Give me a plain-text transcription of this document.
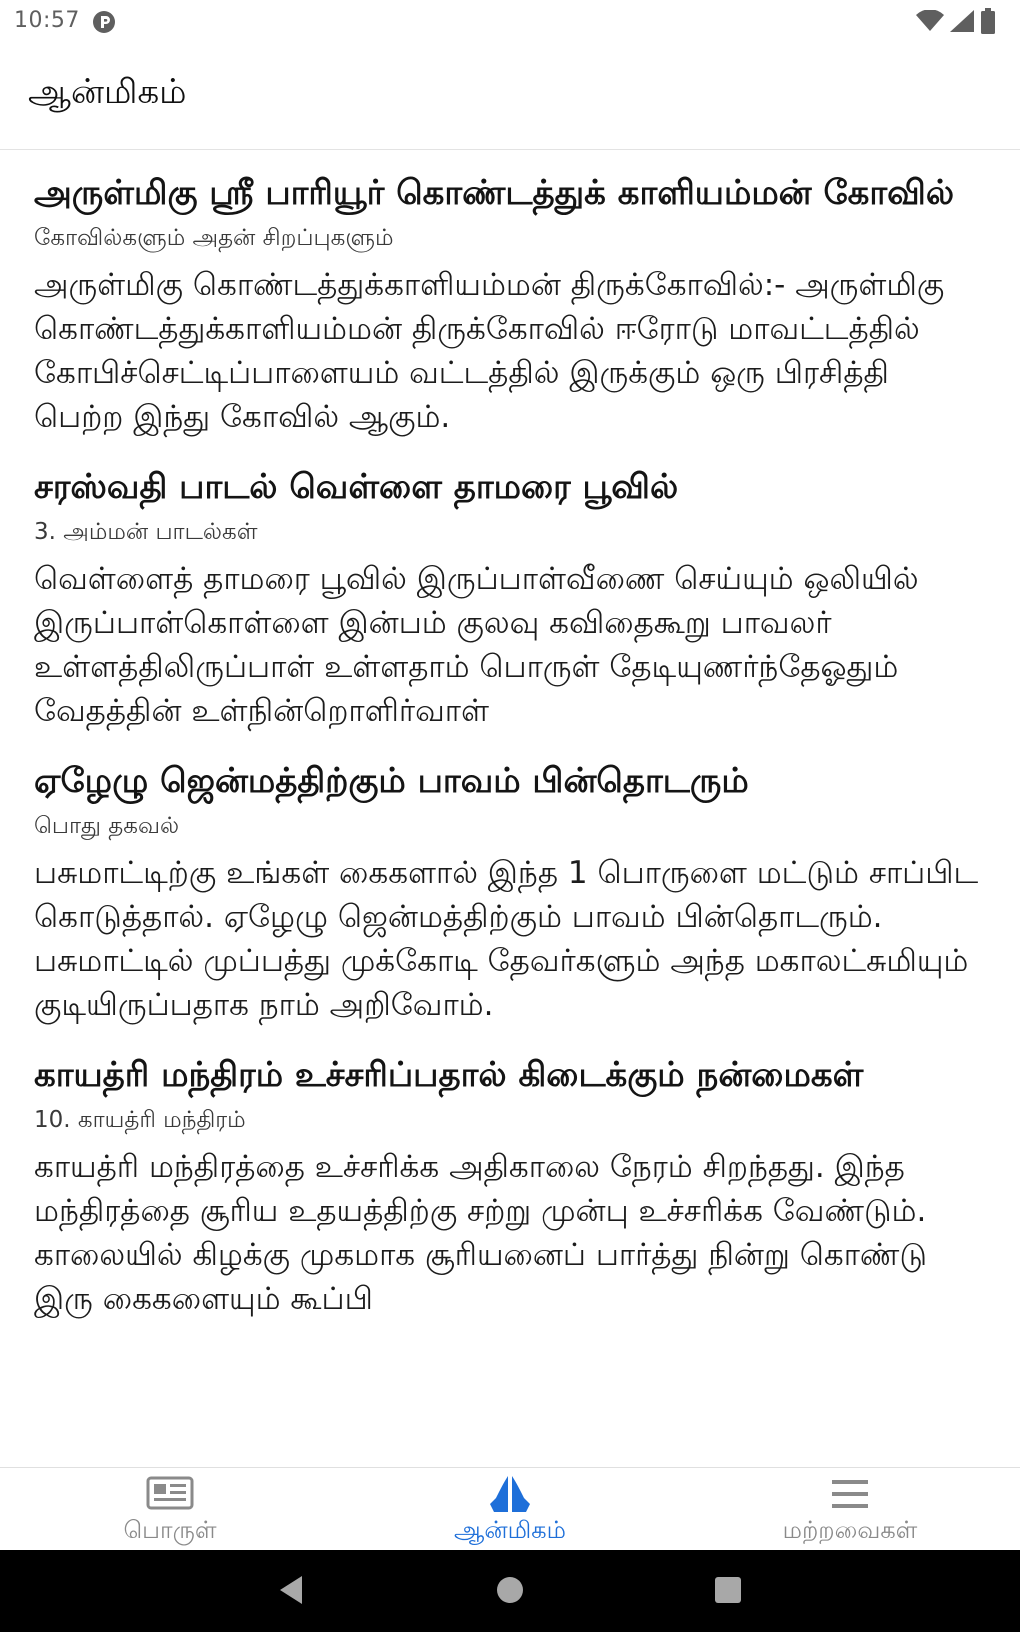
10:57
ஆன்மிகம்
அருள்மிகு ஸ்ரீ பாரியூர் கொண்டத்துக் காளியம்மன் கோவில்
கோவில்களும் அதன் சிறப்புகளும்
அருள்மிகு கொண்டத்துக்காளியம்மன் திருக்கோவில்:- அருள்மிகு கொண்டத்துக்காளியம்மன் திருக்கோவில் ஈரோடு மாவட்டத்தில் கோபிச்செட்டிப்பாளையம் வட்டத்தில் இருக்கும் ஒரு பிரசித்தி பெற்ற இந்து கோவில் ஆகும்.
சரஸ்வதி பாடல் வெள்ளை தாமரை பூவில்
3. அம்மன் பாடல்கள்
வெள்ளைத் தாமரை பூவில் இருப்பாள்வீணை செய்யும் ஒலியில் இருப்பாள்கொள்ளை இன்பம் குலவு கவிதைகூறு பாவலர் உள்ளத்திலிருப்பாள் உள்ளதாம் பொருள் தேடியுணர்ந்தேஓதும் வேதத்தின் உள்நின்றொளிர்வாள்
ஏழேழு ஜென்மத்திற்கும் பாவம் பின்தொடரும்
பொது தகவல்
பசுமாட்டிற்கு உங்கள் கைகளால் இந்த 1 பொருளை மட்டும் சாப்பிட கொடுத்தால். ஏழேழு ஜென்மத்திற்கும் பாவம் பின்தொடரும். பசுமாட்டில் முப்பத்து முக்கோடி தேவர்களும் அந்த மகாலட்சுமியும் குடியிருப்பதாக நாம் அறிவோம்.
காயத்ரி மந்திரம் உச்சரிப்பதால் கிடைக்கும் நன்மைகள்
10. காயத்ரி மந்திரம்
காயத்ரி மந்திரத்தை உச்சரிக்க அதிகாலை நேரம் சிறந்தது. இந்த மந்திரத்தை சூரிய உதயத்திற்கு சற்று முன்பு உச்சரிக்க வேண்டும். காலையில் கிழக்கு முகமாக சூரியனைப் பார்த்து நின்று கொண்டு இரு கைகளையும் கூப்பி
பொருள்	ஆன்மிகம்	மற்றவைகள்
